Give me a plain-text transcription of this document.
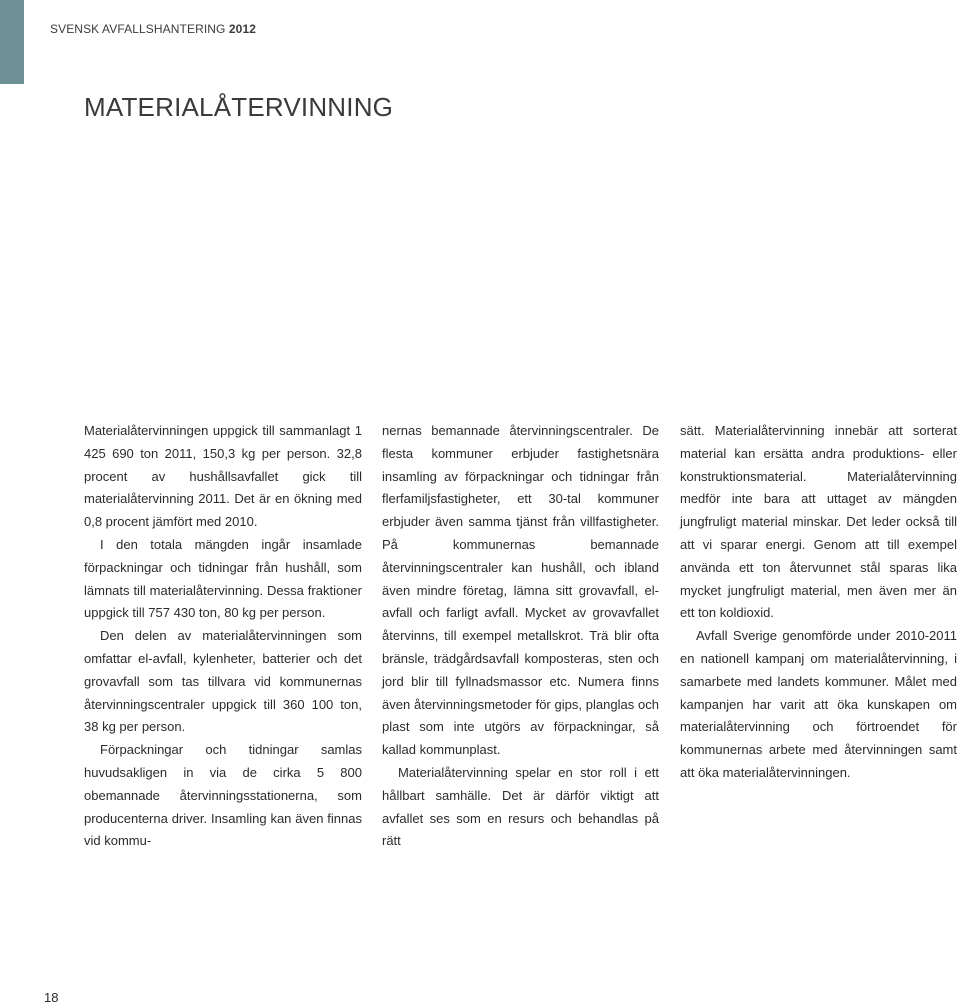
SVENSK AVFALLSHANTERING 2012
MATERIALÅTERVINNING

Materialåtervinningen uppgick till sammanlagt 1 425 690 ton 2011, 150,3 kg per person. 32,8 procent av hushållsavfallet gick till materialåtervinning 2011. Det är en ökning med 0,8 procent jämfört med 2010.

I den totala mängden ingår insamlade förpackningar och tidningar från hushåll, som lämnats till materialåtervinning. Dessa fraktioner uppgick till 757 430 ton, 80 kg per person.

Den delen av materialåtervinningen som omfattar el-avfall, kylenheter, batterier och det grovavfall som tas tillvara vid kommunernas återvinningscentraler uppgick till 360 100 ton, 38 kg per person.

Förpackningar och tidningar samlas huvudsakligen in via de cirka 5 800 obemannade återvinningsstationerna, som producenterna driver. Insamling kan även finnas vid kommu-

nernas bemannade återvinningscentraler. De flesta kommuner erbjuder fastighetsnära insamling av förpackningar och tidningar från flerfamiljsfastigheter, ett 30-tal kommuner erbjuder även samma tjänst från villfastigheter. På kommunernas bemannade återvinningscentraler kan hushåll, och ibland även mindre företag, lämna sitt grovavfall, el-avfall och farligt avfall. Mycket av grovavfallet återvinns, till exempel metallskrot. Trä blir ofta bränsle, trädgårdsavfall komposteras, sten och jord blir till fyllnadsmassor etc. Numera finns även återvinningsmetoder för gips, planglas och plast som inte utgörs av förpackningar, så kallad kommunplast.

Materialåtervinning spelar en stor roll i ett hållbart samhälle. Det är därför viktigt att avfallet ses som en resurs och behandlas på rätt

sätt. Materialåtervinning innebär att sorterat material kan ersätta andra produktions- eller konstruktionsmaterial. Materialåtervinning medför inte bara att uttaget av mängden jungfruligt material minskar. Det leder också till att vi sparar energi. Genom att till exempel använda ett ton återvunnet stål sparas lika mycket jungfruligt material, men även mer än ett ton koldioxid.

Avfall Sverige genomförde under 2010-2011 en nationell kampanj om materialåtervinning, i samarbete med landets kommuner. Målet med kampanjen har varit att öka kunskapen om materialåtervinning och förtroendet för kommunernas arbete med återvinningen samt att öka materialåtervinningen.

18
